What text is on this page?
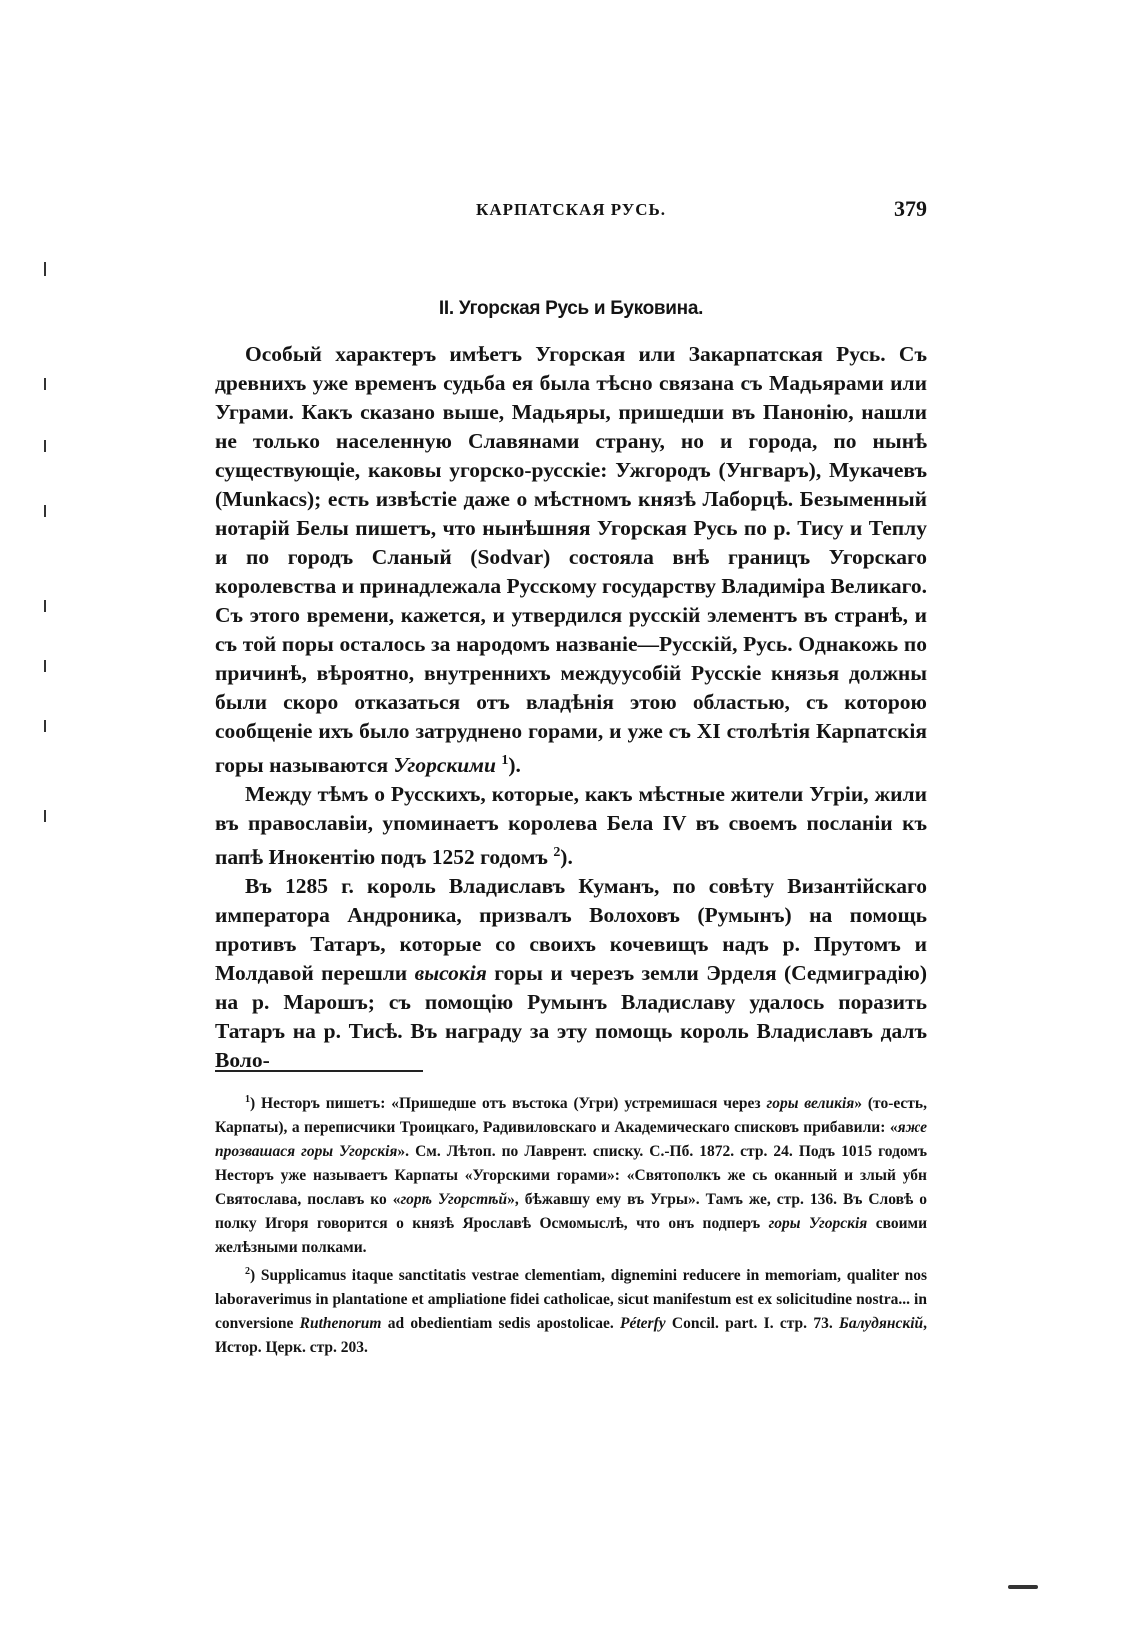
КАРПАТСКАЯ РУСЬ.	379
II. Угорская Русь и Буковина.

Особый характеръ имѣетъ Угорская или Закарпатская Русь. Съ древнихъ уже временъ судьба ея была тѣсно связана съ Мадьярами или Уграми. Какъ сказано выше, Мадьяры, пришедши въ Панонію, нашли не только населенную Славянами страну, но и города, по нынѣ существующіе, каковы угорско-русскіе: Ужгородъ (Унгваръ), Мукачевъ (Munkacs); есть извѣстіе даже о мѣстномъ князѣ Лаборцѣ. Безыменный нотарій Белы пишетъ, что нынѣшняя Угорская Русь по р. Тису и Теплу и по городъ Сланый (Sodvar) состояла внѣ границъ Угорскаго королевства и принадлежала Русскому государству Владиміра Великаго. Съ этого времени, кажется, и утвердился русскій элементъ въ странѣ, и съ той поры осталось за народомъ названіе—Русскій, Русь. Однакожь по причинѣ, вѣроятно, внутреннихъ междуусобій Русскіе князья должны были скоро отказаться отъ владѣнія этою областью, съ которою сообщеніе ихъ было затруднено горами, и уже съ XI столѣтія Карпатскія горы называются Угорскими $^1$).

Между тѣмъ о Русскихъ, которые, какъ мѣстные жители Угріи, жили въ православіи, упоминаетъ королева Бела IV въ своемъ посланіи къ папѣ Инокентію подъ 1252 годомъ $^2$).

Въ 1285 г. король Владиславъ Куманъ, по совѣту Византійскаго императора Андроника, призвалъ Волоховъ (Румынъ) на помощь противъ Татаръ, которые со своихъ кочевищъ надъ р. Прутомъ и Молдавой перешли высокія горы и черезъ земли Эрделя (Седмиградію) на р. Марошъ; съ помощію Румынъ Владиславу удалось поразить Татаръ на р. Тисѣ. Въ награду за эту помощь король Владиславъ далъ Воло-

$^1$) Несторъ пишетъ: «Пришедше отъ въстока (Угри) устремишася через горы великія» (то-есть, Карпаты), а переписчики Троицкаго, Радивиловскаго и Академическаго списковъ прибавили: «яже прозвашася горы Угорскія». См. Лѣтоп. по Лаврент. списку. С.-Пб. 1872. стр. 24. Подъ 1015 годомъ Несторъ уже называетъ Карпаты «Угорскими горами»: «Святополкъ же сь оканный и злый убн Святослава, пославъ ко «горѣ Угорстѣй», бѣжавшу ему въ Угры». Тамъ же, стр. 136. Въ Словѣ о полку Игоря говорится о князѣ Ярославѣ Осмомыслѣ, что онъ подперъ горы Угорскія своими желѣзными полками.

$^2$) Supplicamus itaque sanctitatis vestrae clementiam, dignemini reducere in memoriam, qualiter nos laboraverimus in plantatione et ampliatione fidei catholicae, sicut manifestum est ex solicitudine nostra... in conversione Ruthenorum ad obedientiam sedis apostolicae. Péterfy Concil. part. I. стр. 73. Балудянскій, Истор. Церк. стр. 203.
